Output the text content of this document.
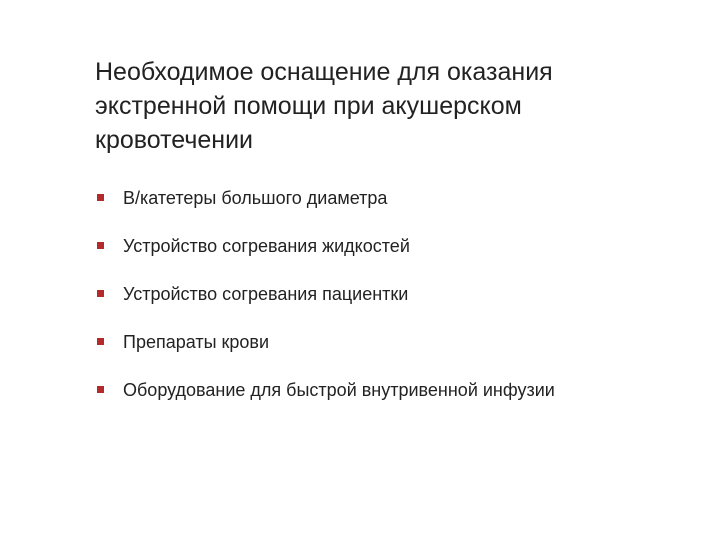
Необходимое оснащение для оказания экстренной помощи при акушерском кровотечении
В/катетеры большого диаметра
Устройство согревания жидкостей
Устройство согревания пациентки
Препараты крови
Оборудование для быстрой внутривенной инфузии
